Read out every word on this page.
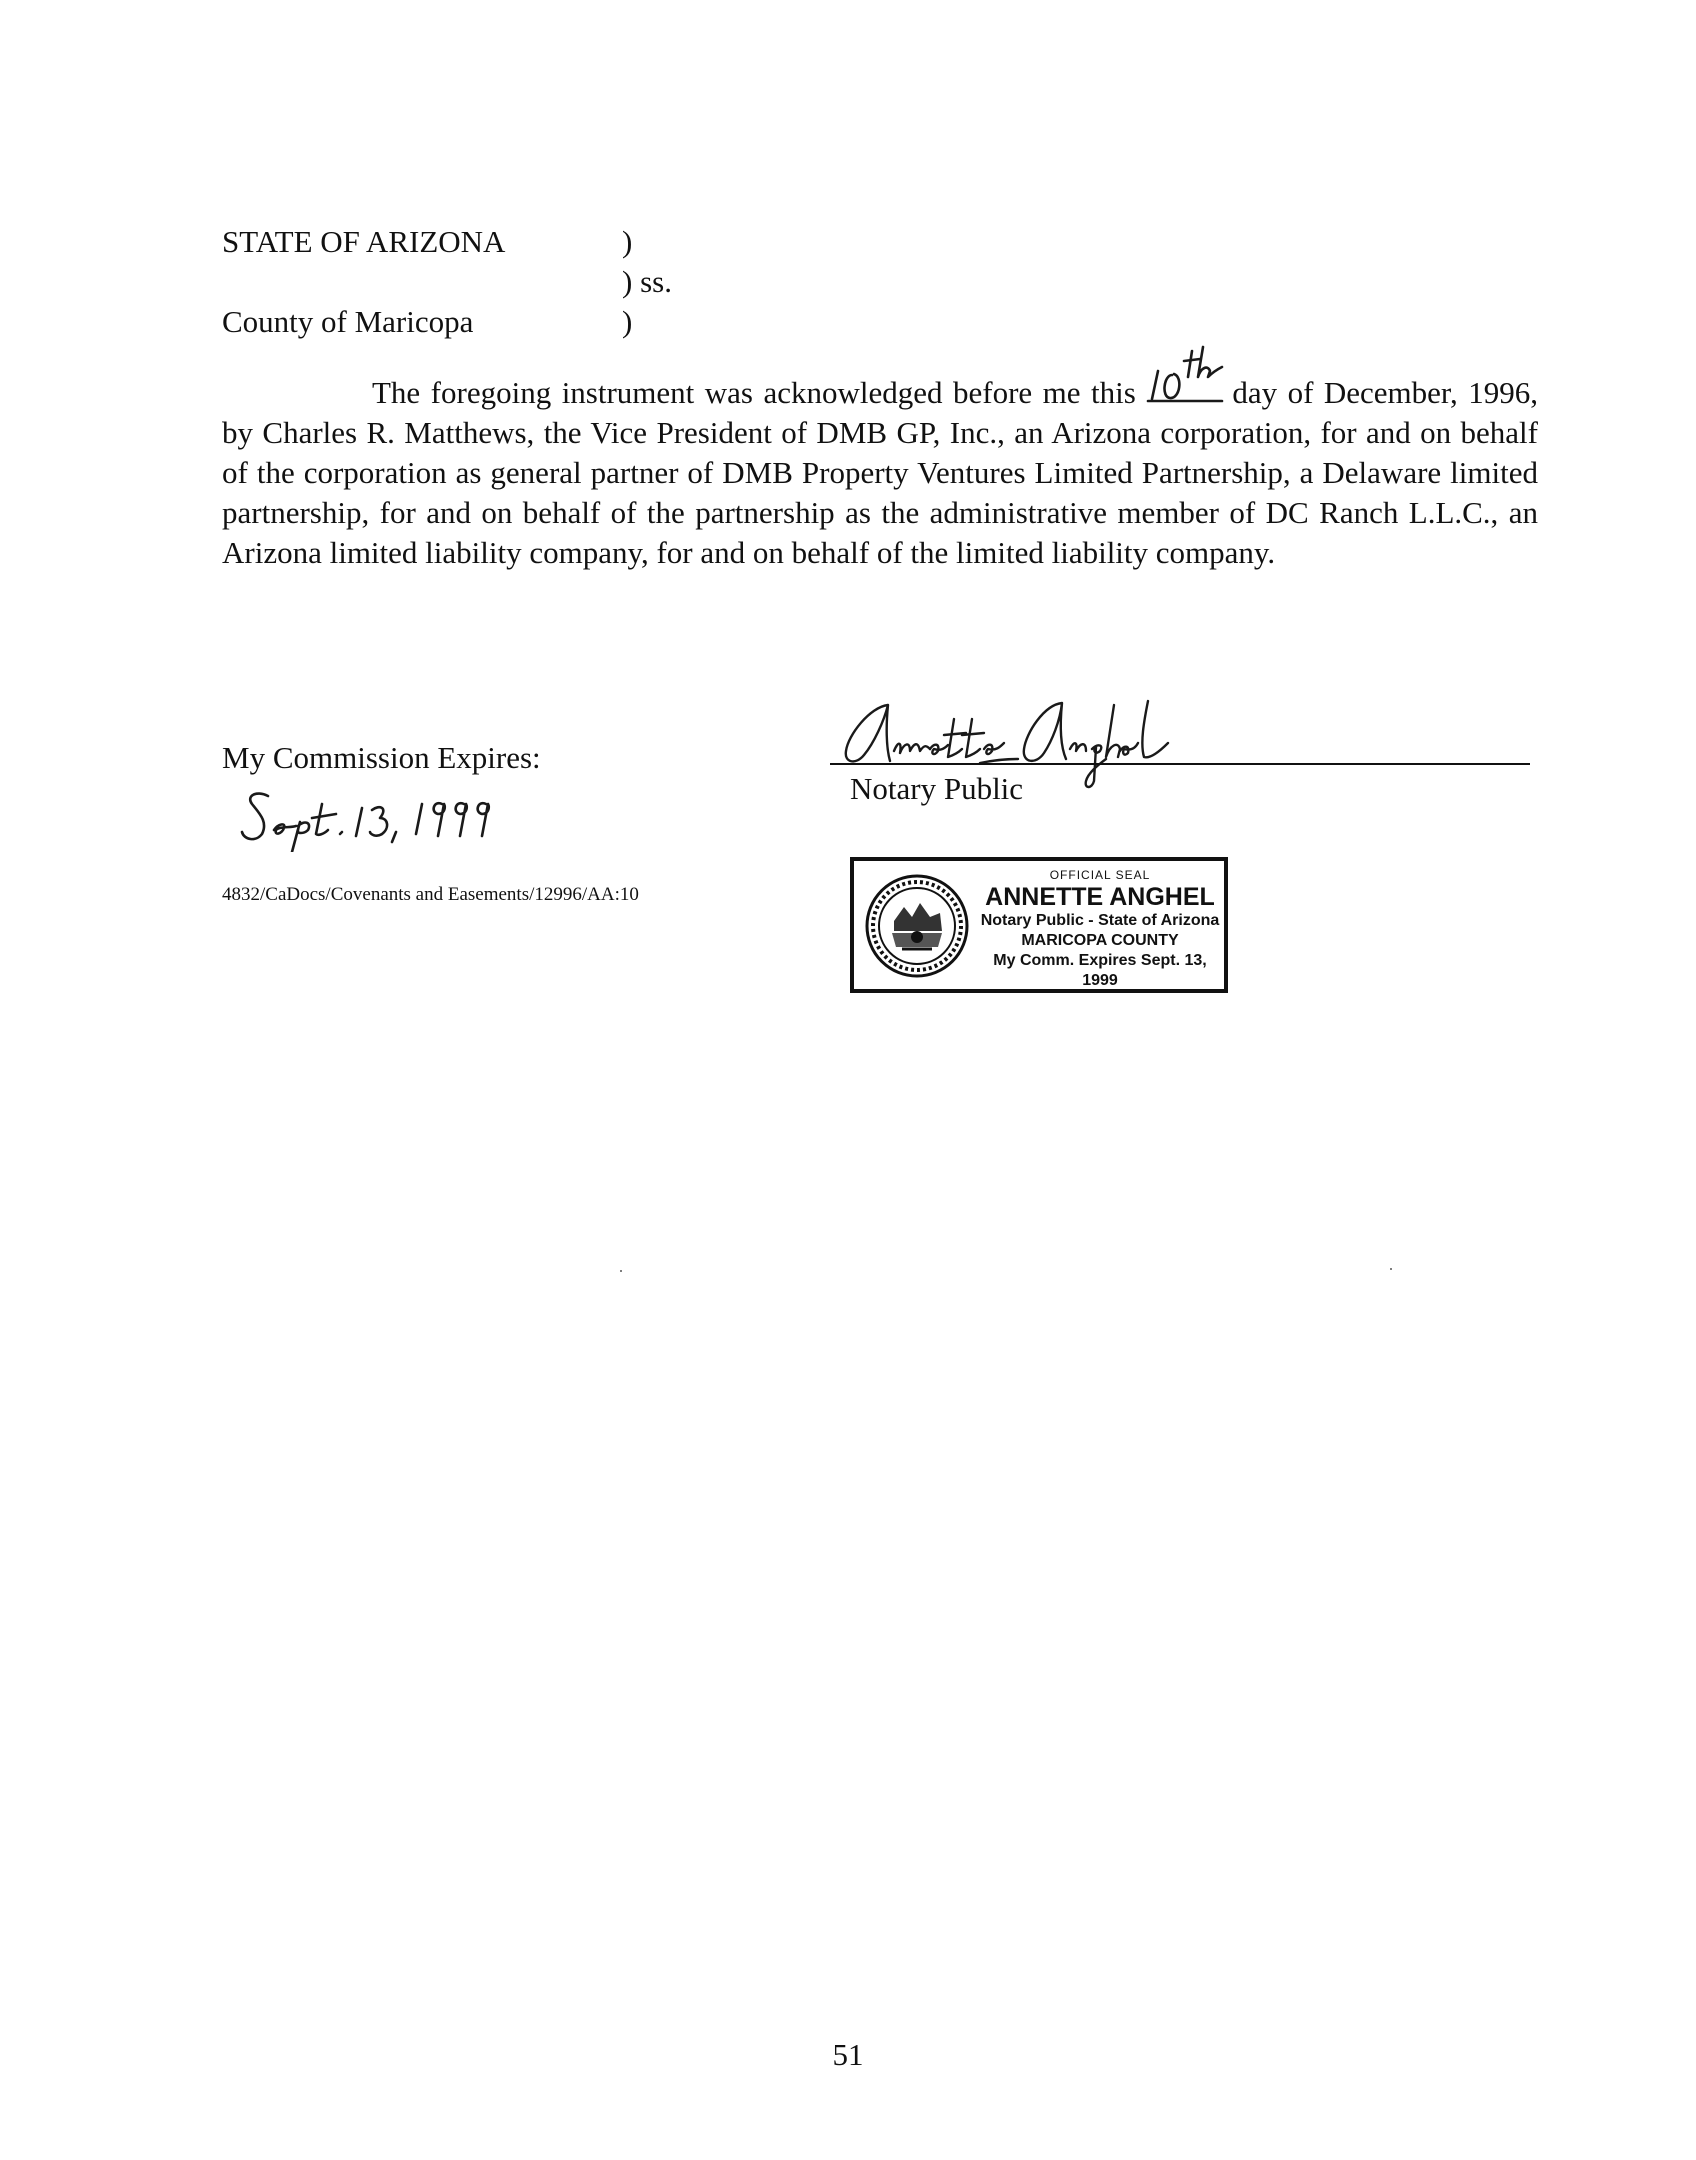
STATE OF ARIZONA	)
) ss.
County of Maricopa	)
The foregoing instrument was acknowledged before me this	day of December, 1996, by Charles R. Matthews, the Vice President of DMB GP, Inc., an Arizona corporation, for and on behalf of the corporation as general partner of DMB Property Ventures Limited Partnership, a Delaware limited partnership, for and on behalf of the partnership as the administrative member of DC Ranch L.L.C., an Arizona limited liability company, for and on behalf of the limited liability company.
My Commission Expires:
4832/CaDocs/Covenants and Easements/12996/AA:10
Notary Public
OFFICIAL SEAL
ANNETTE ANGHEL
Notary Public - State of Arizona
MARICOPA COUNTY
My Comm. Expires Sept. 13, 1999
51
